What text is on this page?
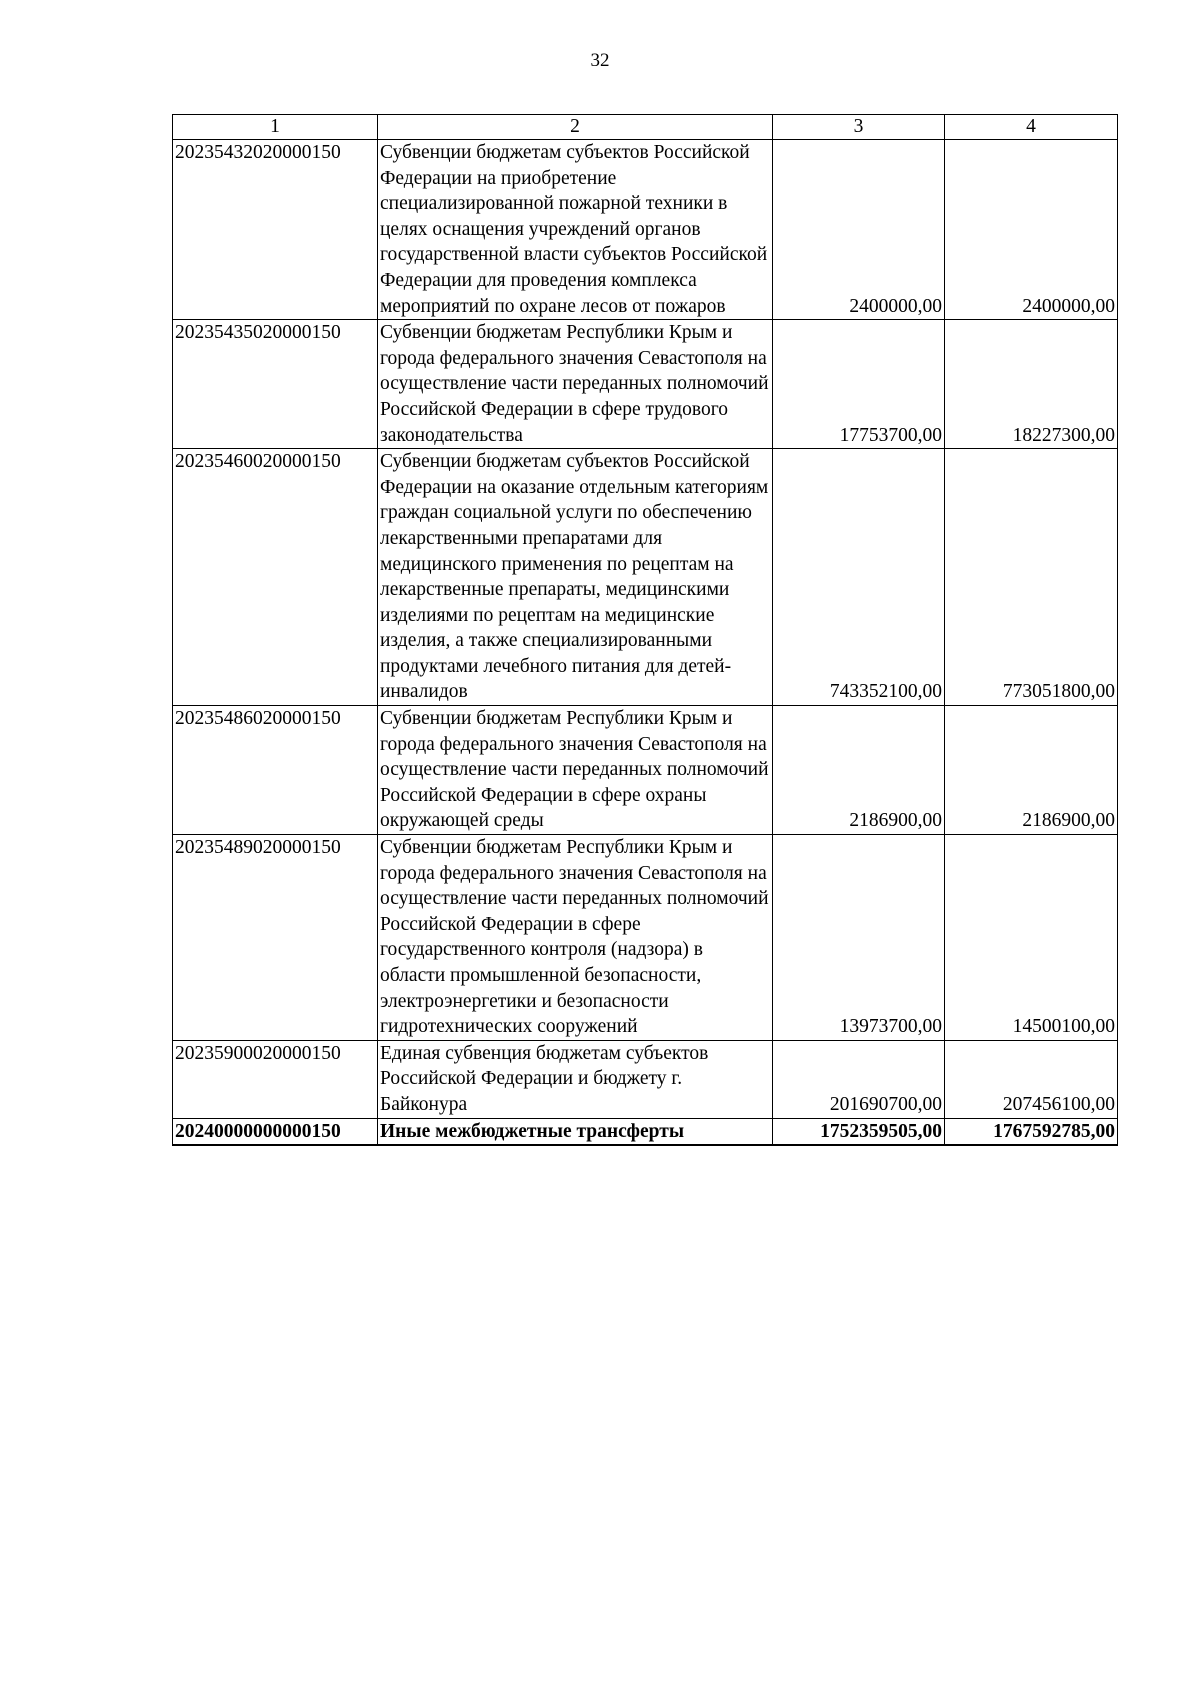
32
1	2	3	4
20235432020000150	Субвенции бюджетам субъектов Российской Федерации на приобретение специализированной пожарной техники в целях оснащения учреждений органов государственной власти субъектов Российской Федерации для проведения комплекса мероприятий по охране лесов от пожаров	2400000,00	2400000,00
20235435020000150	Субвенции бюджетам Республики Крым и города федерального значения Севастополя на осуществление части переданных полномочий Российской Федерации в сфере трудового законодательства	17753700,00	18227300,00
20235460020000150	Субвенции бюджетам субъектов Российской Федерации на оказание отдельным категориям граждан социальной услуги по обеспечению лекарственными препаратами для медицинского применения по рецептам на лекарственные препараты, медицинскими изделиями по рецептам на медицинские изделия, а также специализированными продуктами лечебного питания для детей-инвалидов	743352100,00	773051800,00
20235486020000150	Субвенции бюджетам Республики Крым и города федерального значения Севастополя на осуществление части переданных полномочий Российской Федерации в сфере охраны окружающей среды	2186900,00	2186900,00
20235489020000150	Субвенции бюджетам Республики Крым и города федерального значения Севастополя на осуществление части переданных полномочий Российской Федерации в сфере государственного контроля (надзора) в области промышленной безопасности, электроэнергетики и безопасности гидротехнических сооружений	13973700,00	14500100,00
20235900020000150	Единая субвенция бюджетам субъектов Российской Федерации и бюджету г. Байконура	201690700,00	207456100,00
20240000000000150	Иные межбюджетные трансферты	1752359505,00	1767592785,00
